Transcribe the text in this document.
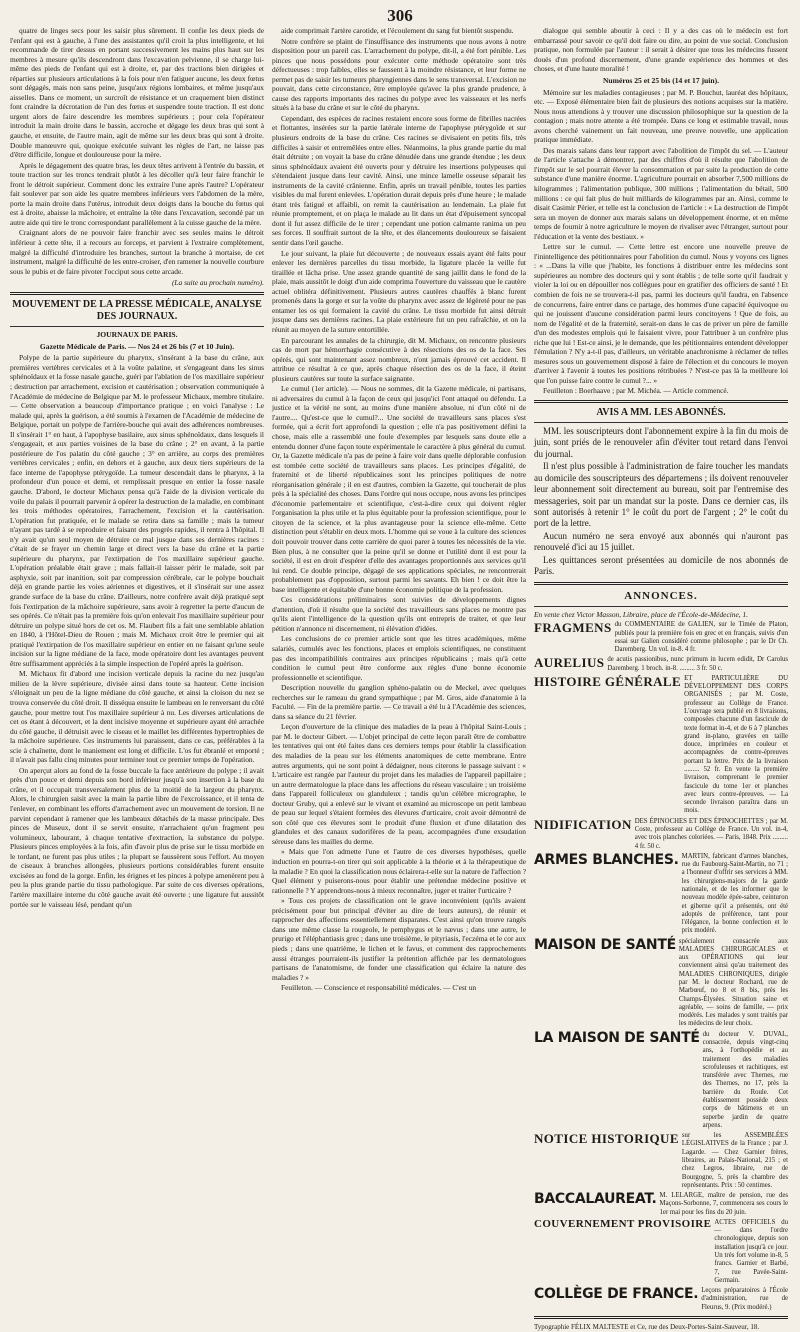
306

quatre de linges secs pour les saisir plus sûrement. Il confie les deux pieds de l'enfant qui est à gauche, à l'une des assistantes qu'il croit la plus intelligente, et lui recommande de tirer dessus en portant successivement les mains plus haut sur les membres à mesure qu'ils descendront dans l'excavation pelvienne, il se charge lui-même des pieds de l'enfant qui est à droite, et, par des tractions bien dirigées et réparties sur plusieurs articulations à la fois pour n'en fatiguer aucune, les deux fœtus sont dégagés, mais non sans peine, jusqu'aux régions lombaires, et même jusqu'aux aisselles. Dans ce moment, un surcroît de résistance et un craquement bien distinct font craindre la décrotation de l'un des fœtus et suspendre toute traction. Il est donc urgent alors de faire descendre les membres supérieurs ; pour cela l'opérateur introduit la main droite dans le bassin, accroche et dégage les deux bras qui sont à gauche, et ensuite, de l'autre main, agit de même sur les deux bras qui sont à droite. Double manœuvre qui, quoique exécutée suivant les règles de l'art, ne laisse pas d'être difficile, longue et douloureuse pour la mère.

Après le dégagement des quatre bras, les deux têtes arrivent à l'entrée du bassin, et toute traction sur les troncs tendrait plutôt à les décoller qu'à leur faire franchir le front le détroit supérieur. Comment donc les extraire l'une après l'autre? L'opérateur fait soulever par son aide les quatre membres inférieurs vers l'abdomen de la mère, porte la main droite dans l'utérus, introduit deux doigts dans la bouche du fœtus qui est à droite, abaisse la mâchoire, et entraîne la tête dans l'excavation, secondé par un autre aide qui tire le tronc correspondant parallèlement à la cuisse gauche de la mère.

Craignant alors de ne pouvoir faire franchir avec ses seules mains le détroit inférieur à cette tête, il a recours au forceps, et parvient à l'extraire complètement, malgré la difficulté d'introduire les branches, surtout la branche à mortaise, de cet instrument, malgré la difficulté de les entre-croiser, d'en ramener la nouvelle courbure sous le pubis et de faire pivoter l'occiput sous cette arcade.

(La suite au prochain numéro).
MOUVEMENT DE LA PRESSE MÉDICALE, ANALYSE DES JOURNAUX.
JOURNAUX DE PARIS.
Gazette Médicale de Paris. — Nos 24 et 26 bis (7 et 10 Juin).

Polype de la partie supérieure du pharynx, s'insérant à la base du crâne, aux premières vertèbres cervicales et à la voûte palatine, et s'engageant dans les sinus sphénoïdaux et la fosse nasale gauche, guéri par l'ablation de l'os maxillaire supérieur ; destruction par arrachement, excision et cautérisation ; observation communiquée à l'Académie de médecine de Belgique par M. le professeur Michaux, membre titulaire. — Cette observation a beaucoup d'importance pratique ; en voici l'analyse : Le malade qui, après la guérison, a été soumis à l'examen de l'Académie de médecine de Belgique, portait un polype de l'arrière-bouche qui avait des adhérences nombreuses. Il s'insérait 1° en haut, à l'apophyse basilaire, aux sinus sphénoïdaux, dans lesquels il s'engageait, et aux parties voisines de la base du crâne ; 2° en avant, à la partie postérieure de l'os palatin du côté gauche ; 3° en arrière, au corps des premières vertèbres cervicales ; enfin, en dehors et à gauche, aux deux tiers supérieurs de la face interne de l'apophyse ptérygoïde. La tumeur descendait dans le pharynx, à la profondeur d'un pouce et demi, et remplissait presque en entier la fosse nasale gauche. D'abord, le docteur Michaux pensa qu'à l'aide de la division verticale du voile du palais il pourrait parvenir à opérer la destruction de la maladie, en combinant les trois méthodes opératoires, l'arrachement, l'excision et la cautérisation. L'opération fut pratiquée, et le malade se retira dans sa famille ; mais la tumeur n'ayant pas tardé à se reproduire et faisant des progrès rapides, il rentra à l'hôpital. Il n'y avait qu'un seul moyen de détruire ce mal jusque dans ses dernières racines : c'était de se frayer un chemin large et direct vers la base du crâne et la partie supérieure du pharynx, par l'extirpation de l'os maxillaire supérieur gauche. L'opération préalable était grave ; mais fallait-il laisser périr le malade, soit par asphyxie, soit par inanition, soit par compression cérébrale, car le polype bouchait déjà en grande partie les voies aériennes et digestives, et il s'insérait sur une assez grande surface de la base du crâne. D'ailleurs, notre confrère avait déjà pratiqué sept fois l'extirpation de la mâchoire supérieure, sans avoir à regretter la perte d'aucun de ses opérés. Ce n'était pas la première fois qu'on enlevait l'os maxillaire supérieur pour détruire un polype situé hors de cet os. M. Flaubert fils a fait une semblable ablation en 1840, à l'Hôtel-Dieu de Rouen ; mais M. Michaux croit être le premier qui ait pratiqué l'extirpation de l'os maxillaire supérieur en entier en ne faisant qu'une seule incision sur la ligne médiane de la face, mode opératoire dont les avantages peuvent être suffisamment appréciés à la simple inspection de l'opéré après la guérison.

M. Michaux fit d'abord une incision verticale depuis la racine du nez jusqu'au milieu de la lèvre supérieure, divisée ainsi dans toute sa hauteur. Cette incision s'éloignait un peu de la ligne médiane du côté gauche, et ainsi la cloison du nez se trouva conservée du côté droit. Il disséqua ensuite le lambeau en le renversant du côté gauche, pour mettre tout l'os maxillaire supérieur à nu. Les diverses articulations de cet os étant à découvert, et la dent incisive moyenne et supérieure ayant été arrachée du côté gauche, il détruisit avec le ciseau et le maillet les différentes hypertrophies de la mâchoire supérieure. Ces instruments lui paraissent, dans ce cas, préférables à la scie à chaînette, dont le maniement est long et difficile. L'os fut ébranlé et emporté ; il n'avait pas fallu cinq minutes pour terminer tout ce premier temps de l'opération.

On aperçut alors au fond de la fosse buccale la face antérieure du polype ; il avait près d'un pouce et demi depuis son bord inférieur jusqu'à son insertion à la base du crâne, et il occupait transversalement plus de la moitié de la largeur du pharynx. Alors, le chirurgien saisit avec la main la partie libre de l'excroissance, et il tenta de l'enlever, en combinant les efforts d'arrachement avec un mouvement de torsion. Il ne parvint cependant à ramener que les lambeaux détachés de la masse principale. Des pinces de Museux, dont il se servit ensuite, n'arrachaient qu'un fragment peu volumineux, labourant, à chaque tentative d'extraction, la substance du polype. Plusieurs pinces employées à la fois, afin d'avoir plus de prise sur le tissu morbide en le tordant, ne furent pas plus utiles ; la plupart se faussèrent sous l'effort. Au moyen de ciseaux à branches allongées, plusieurs portions considérables furent ensuite excisées au fond de la gorge. Enfin, les érignes et les pinces à polype amenèrent peu à peu la plus grande partie du tissu pathologique. Par suite de ces diverses opérations, l'artère maxillaire interne du côté gauche avait été ouverte ; une ligature fut aussitôt portée sur le vaisseau lésé, pendant qu'un

aide comprimait l'artère carotide, et l'écoulement du sang fut bientôt suspendu.

Notre confrère se plaint de l'insuffisance des instruments que nous avons à notre disposition pour un pareil cas. L'arrachement du polype, dit-il, a été fort pénible. Les pinces que nous possédons pour exécuter cette méthode opératoire sont très défectueuses : trop faibles, elles se faussent à la moindre résistance, et leur forme ne permet pas de saisir les tumeurs pharyngiennes dans le sens transversal. L'excision ne pouvait, dans cette circonstance, être employée qu'avec la plus grande prudence, à cause des rapports importants des racines du polype avec les vaisseaux et les nerfs situés à la base du crâne et sur le côté du pharynx.

Cependant, des espèces de racines restaient encore sous forme de fibrilles nacrées et flottantes, insérées sur la partie latérale interne de l'apophyse ptérygoïde et sur plusieurs endroits de la base du crâne. Ces racines se divisaient en petits fils, très difficiles à saisir et entremêlées entre elles. Néanmoins, la plus grande partie du mal était détruite ; on voyait la base du crâne dénudée dans une grande étendue ; les deux sinus sphénoïdaux avaient été ouverts pour y détruire les insertions polypeuses qui s'étendaient jusque dans leur cavité. Ainsi, une mince lamelle osseuse séparait les instruments de la cavité crânienne. Enfin, après un travail pénible, toutes les parties visibles du mal furent enlevées. L'opération durait depuis près d'une heure ; le malade étant très fatigué et affaibli, on remit la cautérisation au lendemain. La plaie fut réunie promptement, et on plaça le malade au lit dans un état d'épuisement syncopal dont il fut assez difficile de le tirer ; cependant une potion calmante ranima un peu ses forces. Il souffrait surtout de la tête, et des élancements douloureux se faisaient sentir dans l'œil gauche.

Le jour suivant, la plaie fut découverte ; de nouveaux essais ayant été faits pour enlever les dernières parcelles du tissu morbide, la ligature placée la veille fut tiraillée et lâcha prise. Une assez grande quantité de sang jaillit dans le fond de la plaie, mais aussitôt le doigt d'un aide comprima l'ouverture du vaisseau que le cautère actuel oblitéra définitivement. Plusieurs autres cautères chauffés à blanc furent promenés dans la gorge et sur la voûte du pharynx avec assez de légèreté pour ne pas entamer les os qui formaient la cavité du crâne. Le tissu morbide fut ainsi détruit jusque dans ses dernières racines. La plaie extérieure fut un peu rafraîchie, et on la réunit au moyen de la suture entortillée.

En parcourant les annales de la chirurgie, dit M. Michaux, on rencontre plusieurs cas de mort par hémorrhagie consécutive à des résections des os de la face. Ses opérés, qui sont maintenant assez nombreux, n'ont jamais éprouvé cet accident. Il attribue ce résultat à ce que, après chaque résection des os de la face, il éteint plusieurs cautères sur toute la surface saignante.

Le cumul (1er article). — Nous ne sommes, dit la Gazette médicale, ni partisans, ni adversaires du cumul à la façon de ceux qui jusqu'ici l'ont attaqué ou défendu. La justice et la vérité ne sont, au moins d'une manière absolue, ni d'un côté ni de l'autre.... Qu'est-ce que le cumul?... Une société de travailleurs sans places s'est formée, qui a écrit fort approfondi la question ; elle n'a pas positivement défini la chose, mais elle a rassemblé une foule d'exemples par lesquels sans doute elle a entendu donner d'une façon toute expérimentale le caractère à plus général du cumul. Or, la Gazette médicale n'a pas de peine à faire voir dans quelle déplorable confusion est tombée cette société de travailleurs sans places. Les principes d'égalité, de fraternité et de liberté républicaines sont les principes politiques de notre réorganisation générale ; il en est d'autres, combien la Gazette, qui toucherait de plus près à la spécialité des choses. Dans l'ordre qui nous occupe, nous avons les principes d'économie parlementaire et scientifique, c'est-à-dire ceux qui doivent régler l'organisation la plus utile et la plus équitable pour la profession scientifique, pour le citoyen de la science, et la plus avantageuse pour la science elle-même. Cette distinction peut s'établir en deux mots. L'homme qui se voue à la culture des sciences doit pouvoir trouver dans cette carrière de quoi parer à toutes les nécessités de la vie. Bien plus, à ne consulter que la peine qu'il se donne et l'utilité dont il est pour la société, il est en droit d'espérer d'elle des avantages proportionnés aux services qu'il lui rend. Ce double principe, dégagé de ses applications spéciales, ne rencontrerait probablement pas d'opposition, surtout parmi les savants. Eh bien ! ce doit être la base intelligente et équitable d'une bonne économie politique de la profession.

Ces considérations préliminaires sont suivies de développements dignes d'attention, d'où il résulte que la société des travailleurs sans places ne montre pas qu'ils aient l'intelligence de la question qu'ils ont entrepris de traiter, et que leur pétition n'annonce ni discernement, ni élévation d'idées.

Les conclusions de ce premier article sont que les titres académiques, même salariés, cumulés avec les fonctions, places et emplois scientifiques, ne constituent pas des incompatibilités contraires aux principes républicains ; mais qu'à cette condition le cumul peut être conforme aux règles d'une bonne économie professionnelle et scientifique.

Description nouvelle du ganglion sphéno-palatin ou de Meckel, avec quelques recherches sur le rameau du grand sympathique ; par M. Gros, aide d'anatomie à la Faculté. — Fin de la première partie. — Ce travail a été lu à l'Académie des sciences, dans sa séance du 21 février.

Leçon d'ouverture de la clinique des maladies de la peau à l'hôpital Saint-Louis ; par M. le docteur Gibert. — L'objet principal de cette leçon paraît être de combattre les tentatives qui ont été faites dans ces derniers temps pour établir la classification des maladies de la peau sur les éléments anatomiques de cette membrane. Entre autres arguments, qui ne sont point à dédaigner, nous citerons le passage suivant : « L'articaire est rangée par l'auteur du projet dans les maladies de l'appareil papillaire ; un autre dermatologue la place dans les affections du réseau vasculaire ; un troisième dans l'appareil folliculeux ou glanduleux ; tandis qu'un célèbre micrographe, le docteur Gruby, qui a enlevé sur le vivant et examiné au microscope un petit lambeau de peau sur lequel s'étaient formées des élevures d'urticaire, croit avoir démontré de son côté que ces élevures sont le produit d'une fluxion et d'une dilatation des glandules et des canaux sudorifères de la peau, accompagnées d'une exsudation séreuse dans les mailles du derme.

» Mais que l'on admette l'une et l'autre de ces diverses hypothèses, quelle induction en pourra-t-on tirer qui soit applicable à la théorie et à la thérapeutique de la maladie ? En quoi la classification nous éclairera-t-elle sur la nature de l'affection ? Quel élément y puiserons-nous pour établir une prétendue médecine positive et rationnelle ? Y apprendrons-nous à mieux reconnaître, juger et traiter l'urticaire ?

» Tous ces projets de classification ont le grave inconvénient (qu'ils avaient précisément pour but principal d'éviter au dire de leurs auteurs), de réunir et rapprocher des affections essentiellement disparates. C'est ainsi qu'on trouve rangés dans une même classe la rougeole, le pemphygus et le nævus ; dans une autre, le prurigo et l'éléphantiasis grec ; dans une troisième, le pityriasis, l'eczéma et le cor aux pieds ; dans une quatrième, le lichen et le favus, et comment des rapprochements aussi étranges pourraient-ils justifier la prétention affichée par les dermatologues partisans de l'anatomisme, de fonder une classification qui éclaire la nature des maladies ? »

Feuilleton. — Conscience et responsabilité médicales. — C'est un

dialogue qui semble aboutir à ceci : Il y a des cas où le médecin est fort embarrassé pour savoir ce qu'il doit faire ou dire, au point de vue social. Conclusion pratique, non formulée par l'auteur : il serait à désirer que tous les médecins fussent doués d'un profond discernement, d'une grande expérience des hommes et des choses, et d'une haute moralité !

Numéros 25 et 25 bis (14 et 17 juin).

Mémoire sur les maladies contagieuses ; par M. P. Bouchut, lauréat des hôpitaux, etc. — Exposé élémentaire bien fait de plusieurs des notions acquises sur la matière. Nous nous attendions à y trouver une discussion philosophique sur la question de la contagion ; mais notre attente a été trompée. Dans ce long et estimable travail, nous avons cherché vainement un fait nouveau, une preuve nouvelle, une application pratique immédiate.

Des marais salans dans leur rapport avec l'abolition de l'impôt du sel. — L'auteur de l'article s'attache à démontrer, par des chiffres d'où il résulte que l'abolition de l'impôt sur le sel pourrait élever la consommation et par suite la production de cette substance d'une manière énorme. L'agriculture pourrait en absorber 7,500 millions de kilogrammes ; l'alimentation publique, 300 millions ; l'alimentation du bétail, 500 millions : ce qui fait plus de huit milliards de kilogrammes par an. Ainsi, comme le disait Casimir Périer, et telle est la conclusion de l'article : « La destruction de l'impôt sera un moyen de donner aux marais salans un développement énorme, et en même temps de fournir à notre agriculture le moyen de rivaliser avec l'étranger, surtout pour l'éducation et la vente des bestiaux. »

Lettre sur le cumul. — Cette lettre est encore une nouvelle preuve de l'inintelligence des pétitionnaires pour l'abolition du cumul. Nous y voyons ces lignes : « ...Dans la ville que j'habite, les fonctions à distribuer entre les médecins sont supérieures au nombre des docteurs qui y sont établis ; de telle sorte qu'il faudrait y violer la loi ou en dépouiller nos collègues pour en gratifier des officiers de santé ! Et combien de fois ne se trouvera-t-il pas, parmi les docteurs qu'il faudra, en l'absence de concurrens, faire entrer dans ce partage, des hommes d'une capacité équivoque ou qui ne jouissent d'aucune considération parmi leurs concitoyens ! Que de fois, au nom de l'égalité et de la fraternité, serait-on dans le cas de priver un père de famille d'un des modestes emplois qui le faisaient vivre, pour l'attribuer à un confrère plus riche que lui ! Est-ce ainsi, je le demande, que les pétitionnaires entendent développer l'émulation ? N'y a-t-il pas, d'ailleurs, un véritable anachronisme à réclamer de telles mesures sous un gouvernement disposé à faire de l'élection et du concours le moyen d'arriver à l'avenir à toutes les positions rétribuées ? N'est-ce pas là la meilleure loi que l'on puisse faire contre le cumul ?... »

Feuilleton : Boerhaave ; par M. Michéa. — Article commencé.

AVIS A MM. LES ABONNÉS.

MM. les souscripteurs dont l'abonnement expire à la fin du mois de juin, sont priés de le renouveler afin d'éviter tout retard dans l'envoi du journal.

Il n'est plus possible à l'administration de faire toucher les mandats au domicile des souscripteurs des départemens ; ils doivent renouveler leur abonnement soit directement au bureau, soit par l'entremise des messageries, soit par un mandat sur la poste. Dans ce dernier cas, ils sont autorisés à retenir 1° le coût du port de l'argent ; 2° le coût du port de la lettre.

Aucun numéro ne sera envoyé aux abonnés qui n'auront pas renouvelé d'ici au 15 juillet.

Les quittances seront présentées au domicile de nos abonnés de Paris.

ANNONCES.

En vente chez Victor Masson, Libraire, place de l'École-de-Médecine, 1.

FRAGMENS du COMMENTAIRE de GALIEN, sur le Timée de Platon, publiés pour la première fois en grec et en français, suivis d'un essai sur Galien considéré comme philosophe ; par le Dr Ch. Daremberg. Un vol. in-8. 4 fr.
AURELIUS de acutis passionibus, nunc primum in lucem edidit, Dr Carolus Daremberg. 1 broch. in-8. ......... 3 fr. 50 c.
HISTOIRE GÉNÉRALE ET PARTICULIÈRE DU DÉVELOPPEMENT DES CORPS ORGANISÉS ; par M. Coste, professeur au Collège de France. L'ouvrage sera publié en 8 livraisons, composées chacune d'un fascicule de texte format in-4, et de 6 à 7 planches grand in-plano, gravées en taille douce, imprimées en couleur et accompagnées de contre-épreuves portant la lettre. Prix de la livraison ......... 52 fr. En vente la première livraison, comprenant le premier fascicule du tome 1er et planches avec leurs contre-épreuves. — La seconde livraison paraîtra dans un mois.
NIDIFICATION DES ÉPINOCHES ET DES ÉPINOCHETTES ; par M. Coste, professeur au Collège de France. Un vol. in-4, avec trois planches coloriées. — Paris, 1848. Prix ......... 4 fr. 50 c.
ARMES BLANCHES. MARTIN, fabricant d'armes blanches, rue du Faubourg-Saint-Martin, no 71 ; a l'honneur d'offrir ses services à MM. les chirurgiens-majors de la garde nationale, et de les informer que le nouveau modèle épée-sabre, ceinturon et giberne qu'il a présentés, ont été adoptés de préférence, tant pour l'élégance, la bonne confection et le prix modéré.
MAISON DE SANTÉ spécialement consacrée aux MALADIES CHIRURGICALES et aux OPÉRATIONS qui leur conviennent ainsi qu'au traitement des MALADIES CHRONIQUES, dirigée par M. le docteur Rochard, rue de Marbœuf, no 8 et 8 bis, près les Champs-Élysées. Situation saine et agréable, — soins de famille, — prix modérés. Les malades y sont traités par les médecins de leur choix.
LA MAISON DE SANTÉ du docteur V. DUVAL, consacrée, depuis vingt-cinq ans, à l'orthopédie et au traitement des maladies scrofuleuses et rachitiques, est transférée avec Thernes, rue des Thernes, no 17, près la barrière du Roule. Cet établissement possède deux corps de bâtimens et un superbe jardin de quatre arpens.
NOTICE HISTORIQUE sur les ASSEMBLÉES LÉGISLATIVES de la France ; par J. Lagarde. — Chez Garnier frères, libraires, au Palais-National, 215 ; et chez Legros, libraire, rue de Bourgogne, 5, près la chambre des représentants. Prix : 50 centimes.
BACCALAUREAT. M. LELARGE, maître de pension, rue des Maçons-Sorbonne, 7, commencera ses cours le 1er mai pour les fins du 20 juin.
COUVERNEMENT PROVISOIRE ACTES OFFICIELS du — dans l'ordre chronologique, depuis son installation jusqu'à ce jour. Un très fort volume in-8, 5 francs. Garnier et Barbé, 7, rue Pavée-Saint-Germain.
COLLÈGE DE FRANCE. Leçons préparatoires à l'École d'administration, rue de Fleurus, 9. (Prix modéré.)
Typographie FÉLIX MALTESTE et Ce, rue des Deux-Portes-Saint-Sauveur, 18.
